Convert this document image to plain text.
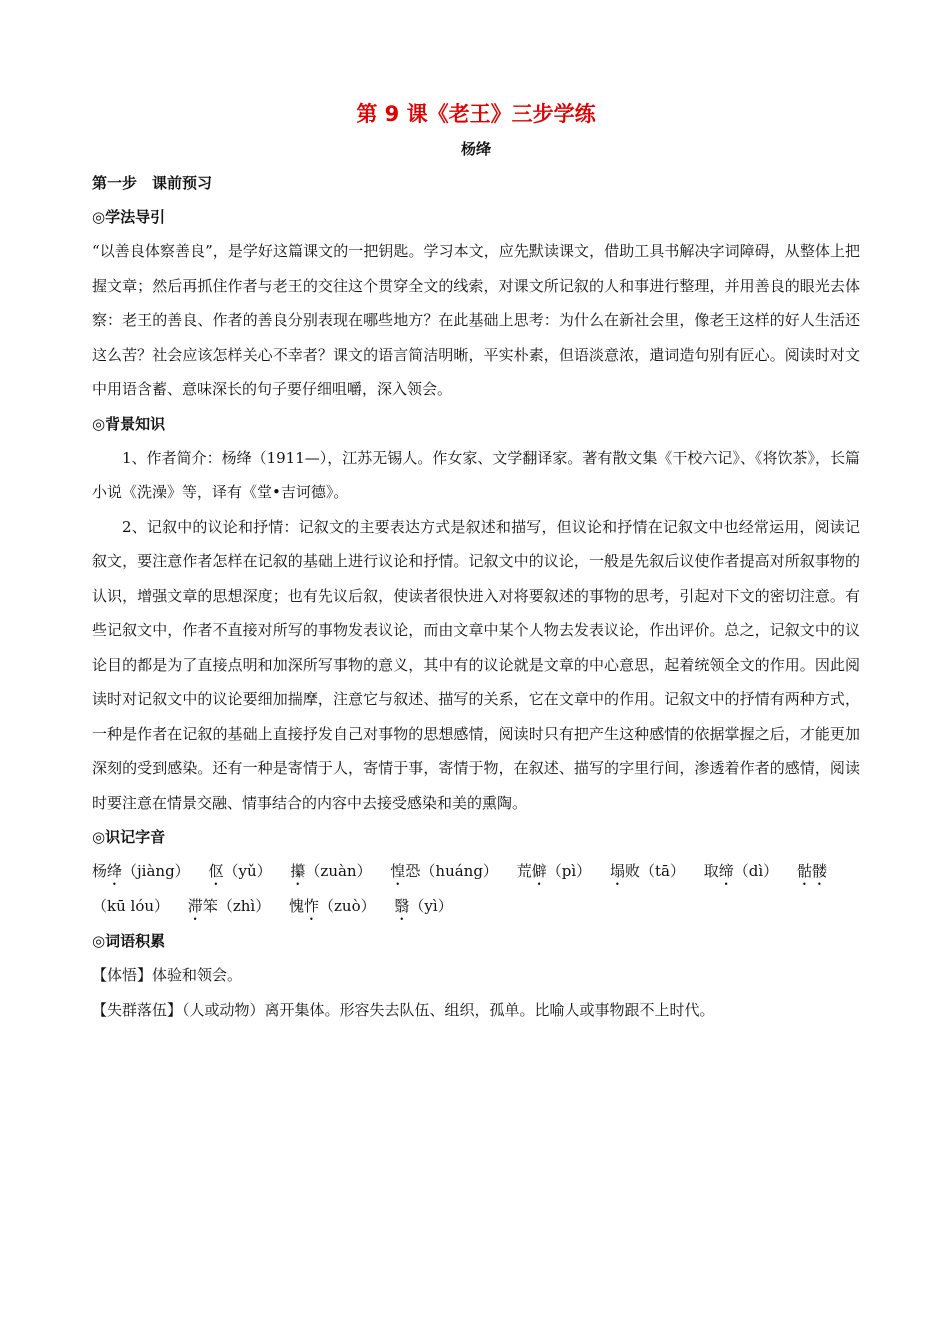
第 9 课《老王》三步学练
杨绛
第一步　课前预习
◎学法导引

“以善良体察善良”，是学好这篇课文的一把钥匙。学习本文，应先默读课文，借助工具书解决字词障碍，从整体上把握文章；然后再抓住作者与老王的交往这个贯穿全文的线索，对课文所记叙的人和事进行整理，并用善良的眼光去体察：老王的善良、作者的善良分别表现在哪些地方？在此基础上思考：为什么在新社会里，像老王这样的好人生活还这么苦？社会应该怎样关心不幸者？课文的语言简洁明晰，平实朴素，但语淡意浓，遣词造句别有匠心。阅读时对文中用语含蓄、意味深长的句子要仔细咀嚼，深入领会。

◎背景知识

1、作者简介：杨绛（1911—），江苏无锡人。作女家、文学翻译家。著有散文集《干校六记》、《将饮茶》，长篇小说《洗澡》等，译有《堂•吉诃德》。

2、记叙中的议论和抒情：记叙文的主要表达方式是叙述和描写，但议论和抒情在记叙文中也经常运用，阅读记叙文，要注意作者怎样在记叙的基础上进行议论和抒情。记叙文中的议论，一般是先叙后议使作者提高对所叙事物的认识，增强文章的思想深度；也有先议后叙，使读者很快进入对将要叙述的事物的思考，引起对下文的密切注意。有些记叙文中，作者不直接对所写的事物发表议论，而由文章中某个人物去发表议论，作出评价。总之，记叙文中的议论目的都是为了直接点明和加深所写事物的意义，其中有的议论就是文章的中心意思，起着统领全文的作用。因此阅读时对记叙文中的议论要细加揣摩，注意它与叙述、描写的关系，它在文章中的作用。记叙文中的抒情有两种方式，一种是作者在记叙的基础上直接抒发自己对事物的思想感情，阅读时只有把产生这种感情的依据掌握之后，才能更加深刻的受到感染。还有一种是寄情于人，寄情于事，寄情于物，在叙述、描写的字里行间，渗透着作者的感情，阅读时要注意在情景交融、情事结合的内容中去接受感染和美的熏陶。

◎识记字音

杨绛（jiàng） 伛（yǔ） 攥（zuàn） 惶恐（huáng） 荒僻（pì） 塌败（tā） 取缔（dì） 骷髅（kū lóu） 滞笨（zhì） 愧怍（zuò） 翳（yì）

◎词语积累

【体悟】体验和领会。

【失群落伍】（人或动物）离开集体。形容失去队伍、组织，孤单。比喻人或事物跟不上时代。
